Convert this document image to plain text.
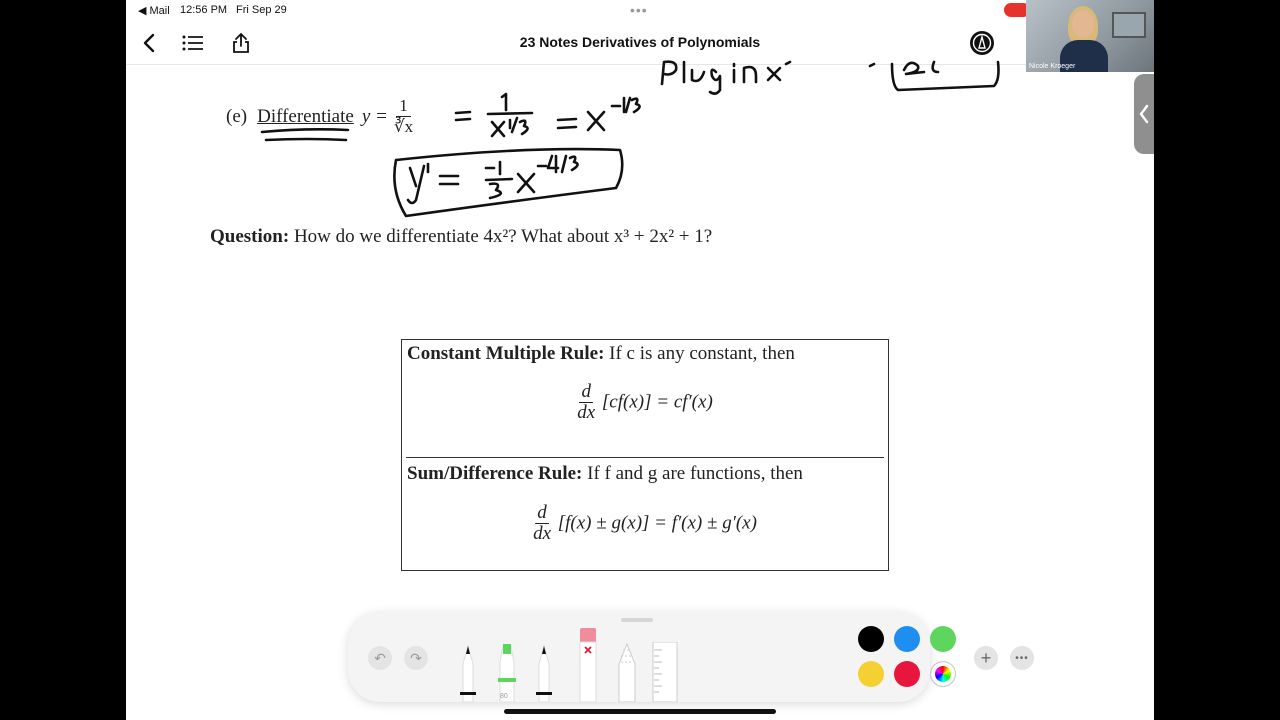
◀ Mail 12:56 PM Fri Sep 29	•••
23 Notes Derivatives of Polynomials
(e) Differentiate $y = \frac{1}{∛x}$
Question: How do we differentiate 4x²? What about x³ + 2x² + 1?
Constant Multiple Rule: If c is any constant, then
$\frac{d}{dx} [cf(x)] = cf'(x)$
Sum/Difference Rule: If f and g are functions, then
$\frac{d}{dx} [f(x) \pm g(x)] = f'(x) \pm g'(x)$
↶	↷
80
+	•••
Nicole Kroeger
